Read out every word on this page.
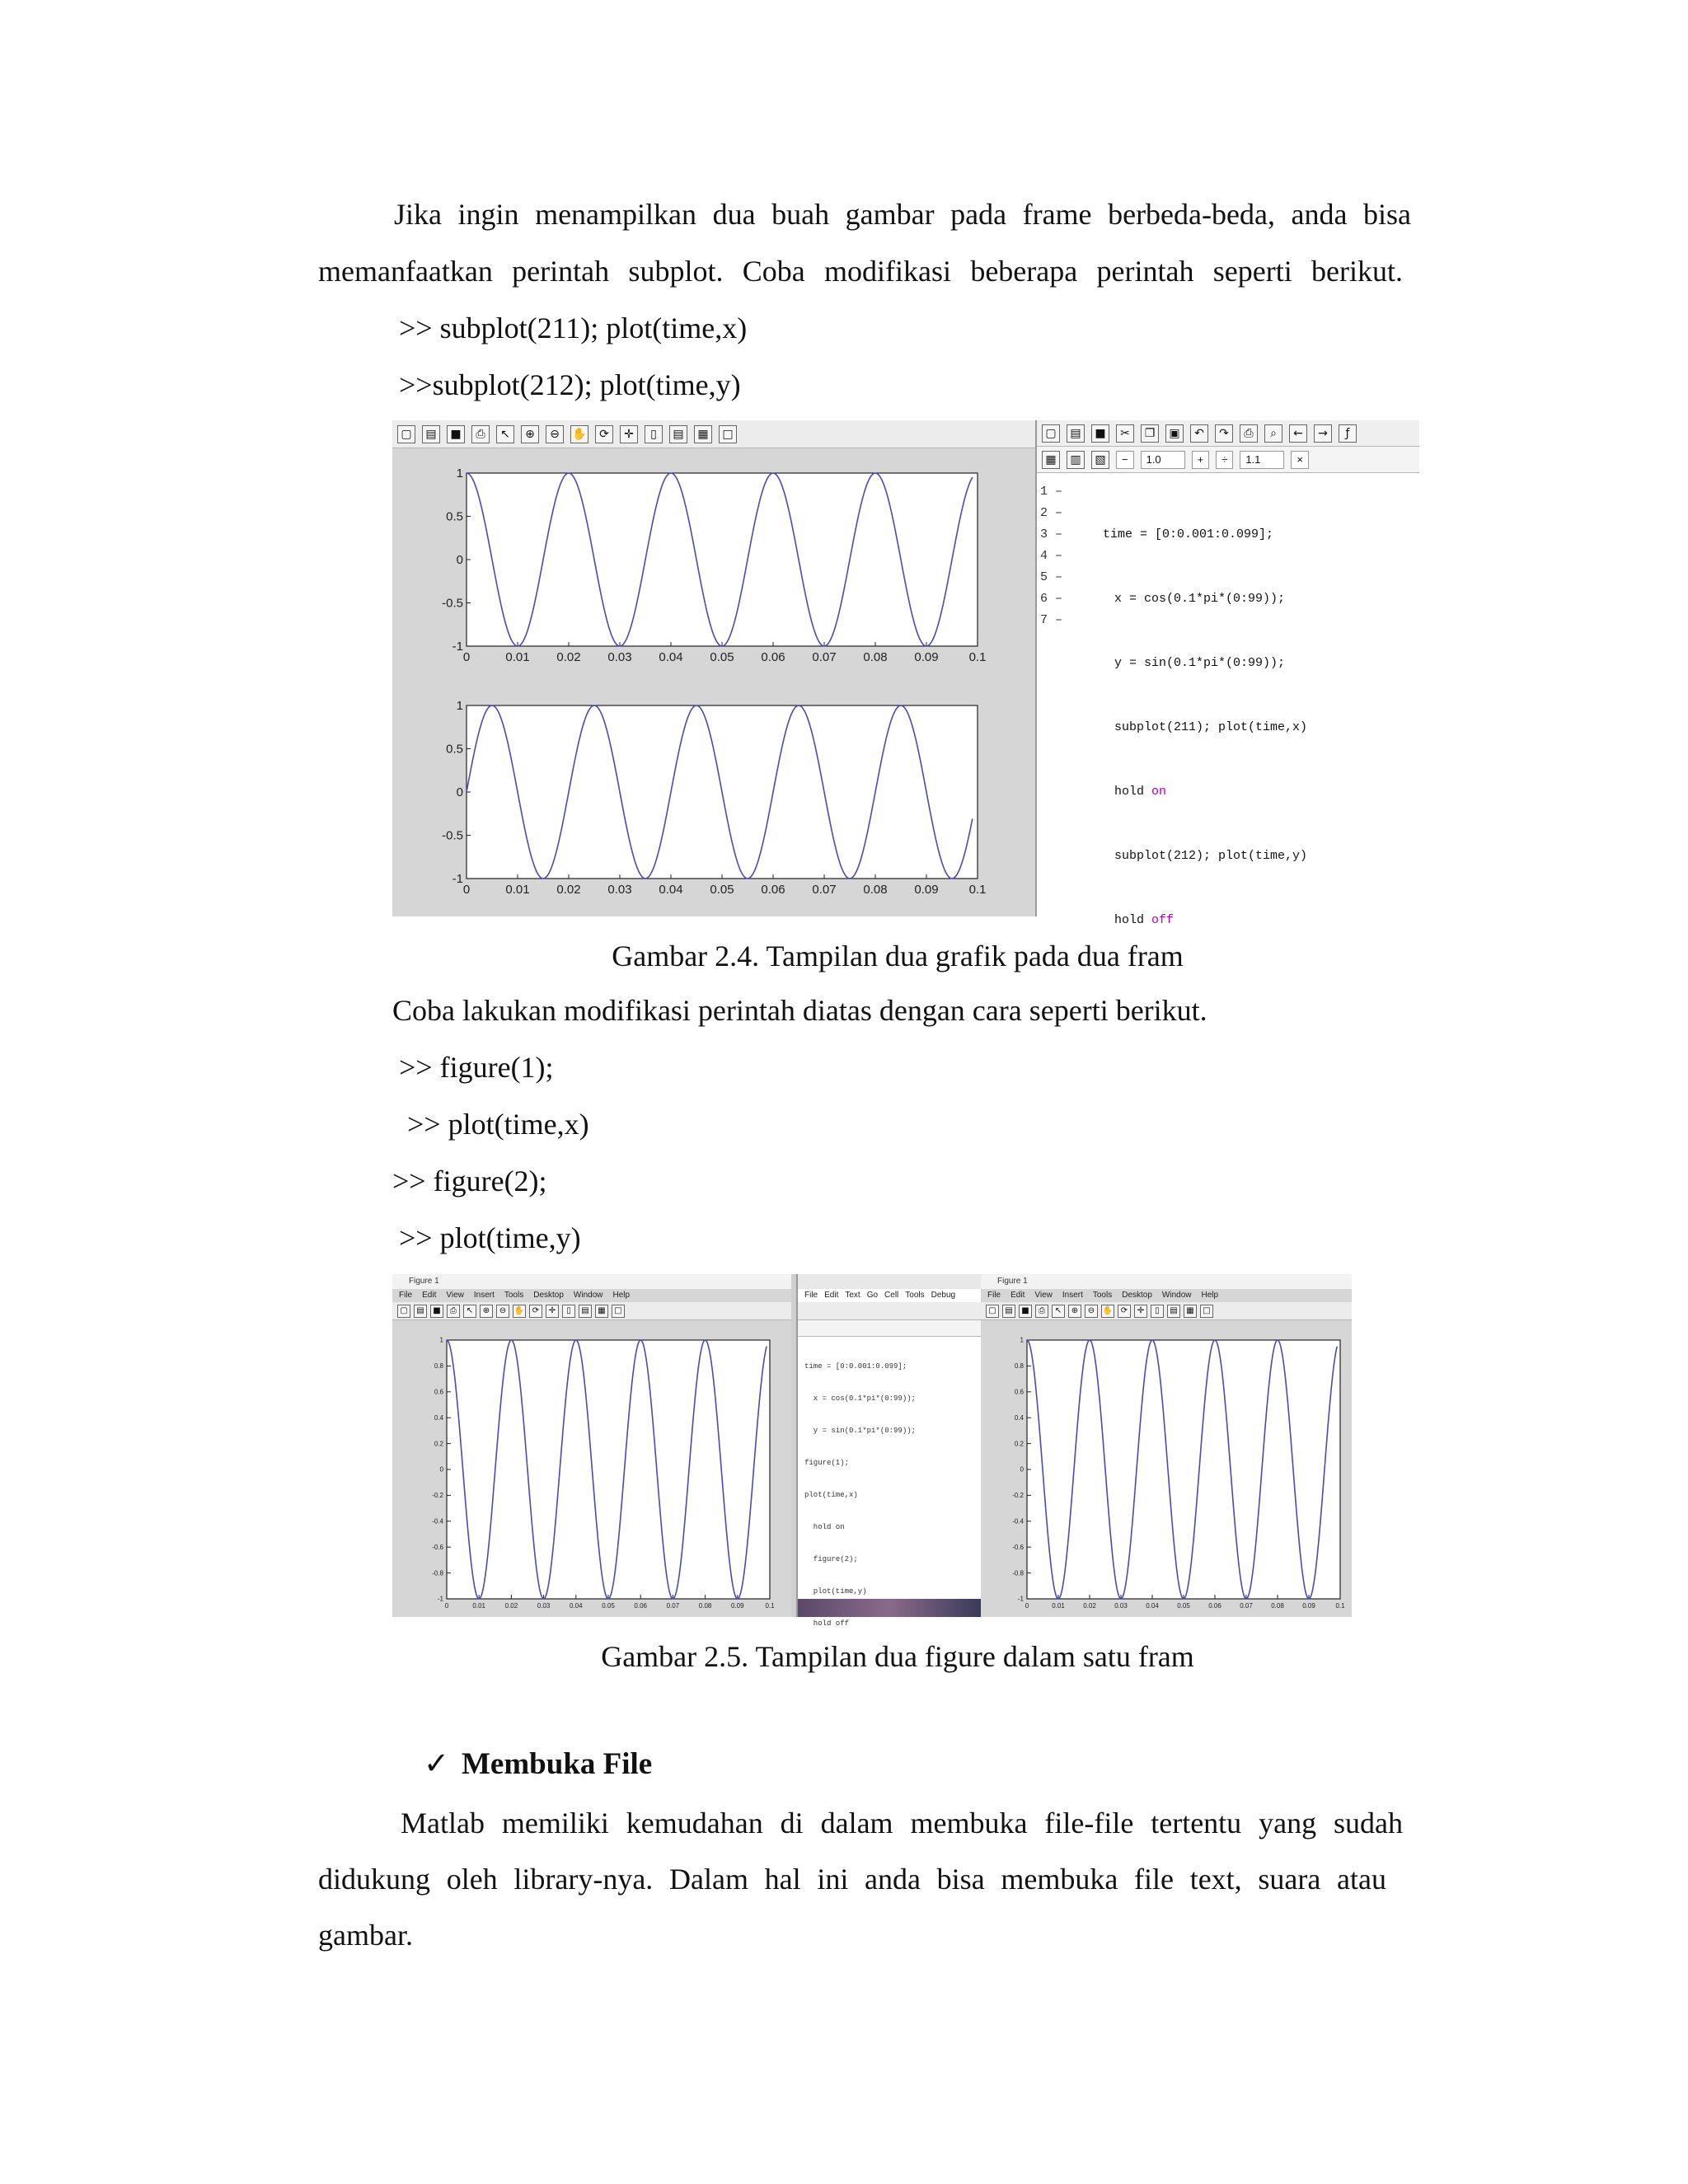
Jika ingin menampilkan dua buah gambar pada frame berbeda-beda, anda bisa
memanfaatkan perintah subplot. Coba modifikasi beberapa perintah seperti berikut.
>> subplot(211); plot(time,x)
>>subplot(212); plot(time,y)
▢	▤	■	⎙	↖	⊕	⊖	✋	⟳	✛	▯	▤	▦	□
0	0.01 0.02 0.03 0.04 0.05 0.06 0.07 0.08 0.09 0.1
1
0.5
0
-0.5
-1
0	0.01 0.02 0.03 0.04 0.05 0.06 0.07 0.08 0.09 0.1
1
0.5
0
-0.5
-1
▢	▤	■	✂	❐	▣	↶	↷	⎙	⌕	←	→	ƒ
▦	▥	▧	−	1.0	+	÷	1.1	×
1 –
2 –
3 –
4 –
5 –
6 –
7 –

time = [0:0.001:0.099];

x = cos(0.1*pi*(0:99));

y = sin(0.1*pi*(0:99));

subplot(211); plot(time,x)

hold on

subplot(212); plot(time,y)

hold off

Gambar 2.4. Tampilan dua grafik pada dua fram
Coba lakukan modifikasi perintah diatas dengan cara seperti berikut.
>> figure(1);
>> plot(time,x)
>> figure(2);
>> plot(time,y)
Figure 1
File Edit View Insert Tools Desktop Window Help
▢	▤	■	⎙	↖	⊕	⊖ ✋ ⟳	✛	▯	▤	▦	□
0	0.01	0.02	0.03	0.04	0.05	0.06	0.07	0.08	0.09	0.1
1
0.8
0.6
0.4
0.2
0
-0.2
-0.4
-0.6
-0.8
-1
File Edit Text Go Cell Tools Debug

time = [0:0.001:0.099];

x = cos(0.1*pi*(0:99));

y = sin(0.1*pi*(0:99));

figure(1);

plot(time,x)

hold on

figure(2);

plot(time,y)

hold off

Figure 1
File Edit View Insert Tools Desktop Window Help
▢	▤	■	⎙	↖	⊕	⊖ ✋ ⟳	✛	▯	▤	▦	□
0	0.01	0.02	0.03	0.04	0.05	0.06	0.07	0.08	0.09	0.1
1
0.8
0.6
0.4
0.2
0
-0.2
-0.4
-0.6
-0.8
-1
Gambar 2.5. Tampilan dua figure dalam satu fram
✓ Membuka File
Matlab memiliki kemudahan di dalam membuka file-file tertentu yang sudah
didukung oleh library-nya. Dalam hal ini anda bisa membuka file text, suara atau
gambar.
